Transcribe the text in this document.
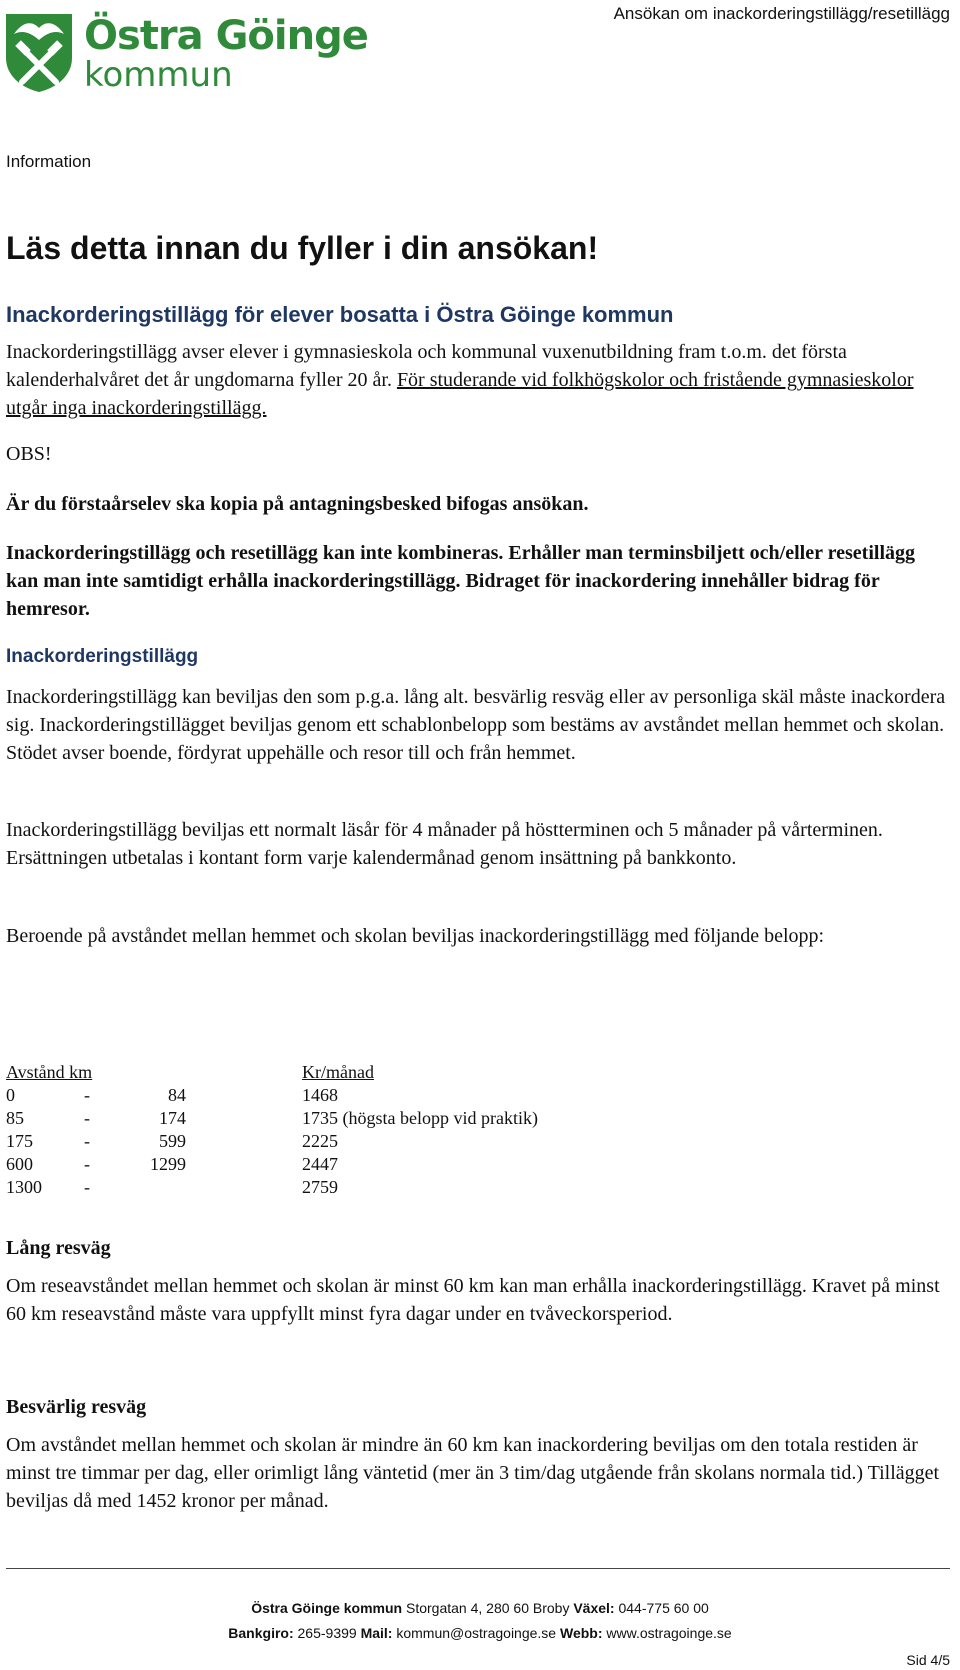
Östra Göinge
kommun
Ansökan om inackorderingstillägg/resetillägg
Information
Läs detta innan du fyller i din ansökan!
Inackorderingstillägg för elever bosatta i Östra Göinge kommun
Inackorderingstillägg avser elever i gymnasieskola och kommunal vuxenutbildning fram t.o.m. det första kalenderhalvåret det år ungdomarna fyller 20 år. För studerande vid folkhögskolor och fristående gymnasieskolor utgår inga inackorderingstillägg.
OBS!
Är du förstaårselev ska kopia på antagningsbesked bifogas ansökan.
Inackorderingstillägg och resetillägg kan inte kombineras. Erhåller man terminsbiljett och/eller resetillägg kan man inte samtidigt erhålla inackorderingstillägg. Bidraget för inackordering innehåller bidrag för hemresor.
Inackorderingstillägg
Inackorderingstillägg kan beviljas den som p.g.a. lång alt. besvärlig resväg eller av personliga skäl måste inackordera sig. Inackorderingstillägget beviljas genom ett schablonbelopp som bestäms av avståndet mellan hemmet och skolan. Stödet avser boende, fördyrat uppehälle och resor till och från hemmet.
Inackorderingstillägg beviljas ett normalt läsår för 4 månader på höstterminen och 5 månader på vårterminen. Ersättningen utbetalas i kontant form varje kalendermånad genom insättning på bankkonto.
Beroende på avståndet mellan hemmet och skolan beviljas inackorderingstillägg med följande belopp:
Avstånd km			Kr/månad
0	-	84	1468
85	-	174	1735 (högsta belopp vid praktik)
175	-	599	2225
600	-	1299	2447
1300	-		2759
Lång resväg
Om reseavståndet mellan hemmet och skolan är minst 60 km kan man erhålla inackorderingstillägg. Kravet på minst 60 km reseavstånd måste vara uppfyllt minst fyra dagar under en tvåveckorsperiod.
Besvärlig resväg
Om avståndet mellan hemmet och skolan är mindre än 60 km kan inackordering beviljas om den totala restiden är minst tre timmar per dag, eller orimligt lång väntetid (mer än 3 tim/dag utgående från skolans normala tid.) Tillägget beviljas då med 1452 kronor per månad.
Östra Göinge kommun Storgatan 4, 280 60 Broby Växel: 044-775 60 00
Bankgiro: 265-9399 Mail: kommun@ostragoinge.se Webb: www.ostragoinge.se
Sid 4/5
